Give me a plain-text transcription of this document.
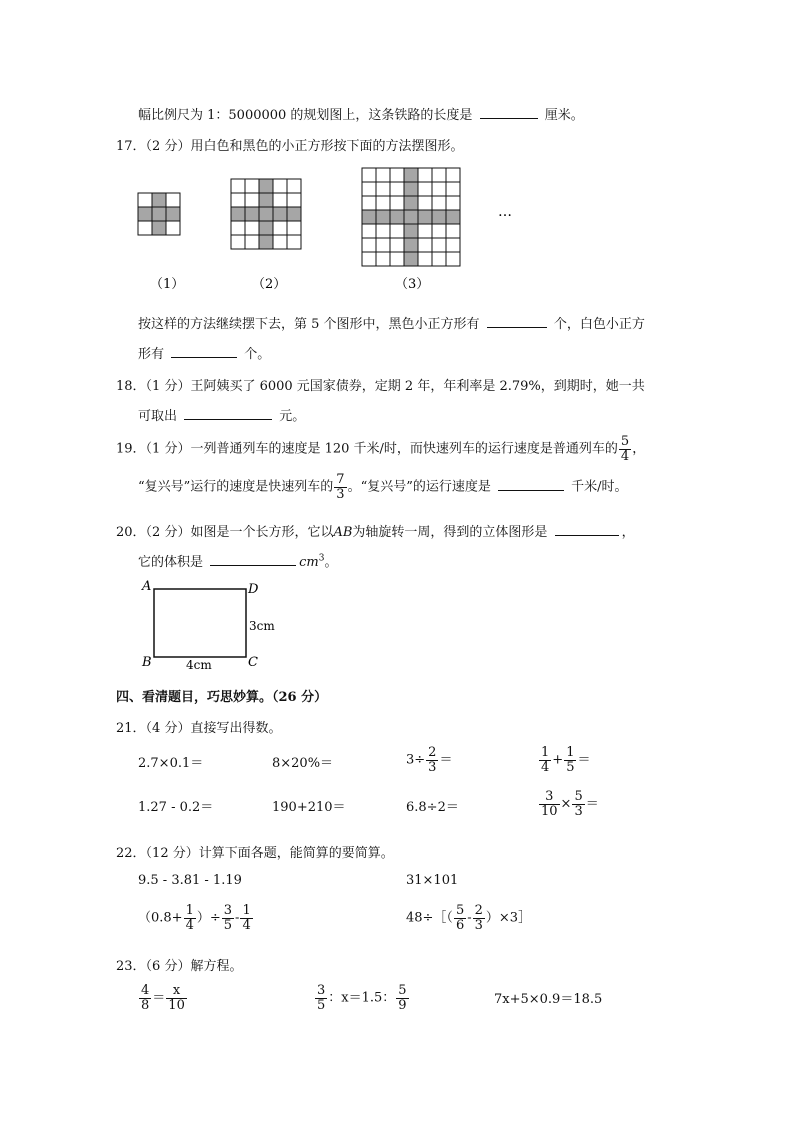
幅比例尺为 1：5000000 的规划图上，这条铁路的长度是	厘米。
17．（2 分）用白色和黑色的小正方形按下面的方法摆图形。
…
（1）	（2）	（3）
按这样的方法继续摆下去，第 5 个图形中，黑色小正方形有	个，白色小正方
形有	个。
18．（1 分）王阿姨买了 6000 元国家债券，定期 2 年，年利率是 2.79%，到期时，她一共
可取出	元。
19．（1 分）一列普通列车的速度是 120 千米/时，而快速列车的运行速度是普通列车的 $\frac{5}{4}$ ，
“复兴号”运行的速度是快速列车的 $\frac{7}{3}$ 。“复兴号”的运行速度是	千米/时。
20．（2 分）如图是一个长方形，它以AB为轴旋转一周，得到的立体图形是	，
它的体积是	$cm^3$。
A	D
B	C
3cm
4cm
四、看清题目，巧思妙算。（26 分）
21．（4 分）直接写出得数。
2.7×0.1＝	8×20%＝	$3\div \frac{2}{3}$ ＝	$\frac{1}{4} + \frac{1}{5}$ ＝
1.27 - 0.2＝	190+210＝	6.8÷2＝	$\frac{3}{10} \times \frac{5}{3}$ ＝
22．（12 分）计算下面各题，能简算的要简算。
9.5 - 3.81 - 1.19	31×101
（$0.8+ \frac{1}{4}$ ）÷ $\frac{3}{5} - \frac{1}{4}$	48÷［（ $\frac{5}{6} - \frac{2}{3}$ ）×3］
23．（6 分）解方程。
$\frac{4}{8} = \frac{x}{10}$	$\frac{3}{5}$ ：x＝1.5： $\frac{5}{9}$	7x+5×0.9＝18.5
